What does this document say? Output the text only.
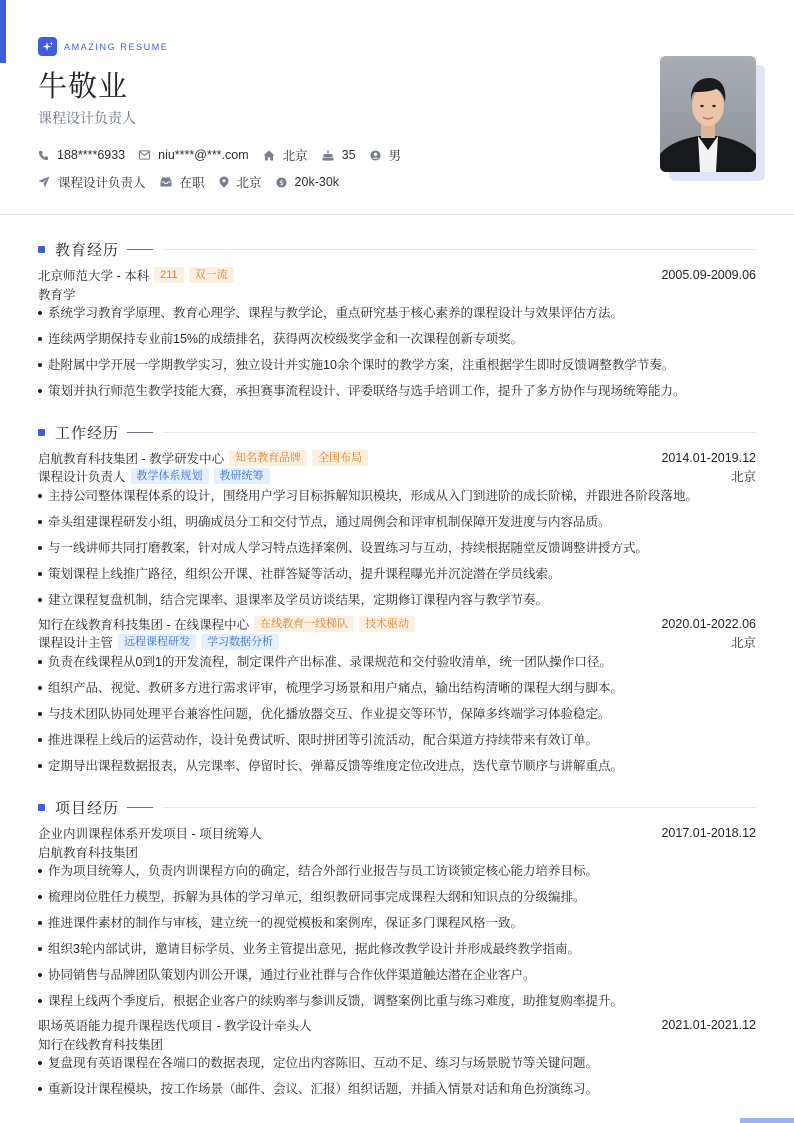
AMAZING RESUME
牛敬业
课程设计负责人
188****6933	niu****@***.com	北京	35	男
课程设计负责人	在职	北京 $ 20k-30k
教育经历
北京师范大学 - 本科	211	双一流	2005.09-2009.06
教育学
系统学习教育学原理、教育心理学、课程与教学论，重点研究基于核心素养的课程设计与效果评估方法。
连续两学期保持专业前15%的成绩排名，获得两次校级奖学金和一次课程创新专项奖。
赴附属中学开展一学期教学实习，独立设计并实施10余个课时的教学方案，注重根据学生即时反馈调整教学节奏。
策划并执行师范生教学技能大赛，承担赛事流程设计、评委联络与选手培训工作，提升了多方协作与现场统筹能力。
工作经历
启航教育科技集团 - 教学研发中心	知名教育品牌	全国布局	2014.01-2019.12
课程设计负责人	教学体系规划	教研统筹	北京
主持公司整体课程体系的设计，围绕用户学习目标拆解知识模块，形成从入门到进阶的成长阶梯，并跟进各阶段落地。
牵头组建课程研发小组，明确成员分工和交付节点，通过周例会和评审机制保障开发进度与内容品质。
与一线讲师共同打磨教案，针对成人学习特点选择案例、设置练习与互动，持续根据随堂反馈调整讲授方式。
策划课程上线推广路径，组织公开课、社群答疑等活动，提升课程曝光并沉淀潜在学员线索。
建立课程复盘机制，结合完课率、退课率及学员访谈结果，定期修订课程内容与教学节奏。
知行在线教育科技集团 - 在线课程中心	在线教育一线梯队	技术驱动	2020.01-2022.06
课程设计主管	远程课程研发	学习数据分析	北京
负责在线课程从0到1的开发流程，制定课件产出标准、录课规范和交付验收清单，统一团队操作口径。
组织产品、视觉、教研多方进行需求评审，梳理学习场景和用户痛点，输出结构清晰的课程大纲与脚本。
与技术团队协同处理平台兼容性问题，优化播放器交互、作业提交等环节，保障多终端学习体验稳定。
推进课程上线后的运营动作，设计免费试听、限时拼团等引流活动，配合渠道方持续带来有效订单。
定期导出课程数据报表，从完课率、停留时长、弹幕反馈等维度定位改进点，迭代章节顺序与讲解重点。
项目经历
企业内训课程体系开发项目 - 项目统筹人	2017.01-2018.12
启航教育科技集团
作为项目统筹人，负责内训课程方向的确定，结合外部行业报告与员工访谈锁定核心能力培养目标。
梳理岗位胜任力模型，拆解为具体的学习单元，组织教研同事完成课程大纲和知识点的分级编排。
推进课件素材的制作与审核，建立统一的视觉模板和案例库，保证多门课程风格一致。
组织3轮内部试讲，邀请目标学员、业务主管提出意见，据此修改教学设计并形成最终教学指南。
协同销售与品牌团队策划内训公开课，通过行业社群与合作伙伴渠道触达潜在企业客户。
课程上线两个季度后，根据企业客户的续购率与参训反馈，调整案例比重与练习难度，助推复购率提升。
职场英语能力提升课程迭代项目 - 教学设计牵头人	2021.01-2021.12
知行在线教育科技集团
复盘现有英语课程在各端口的数据表现，定位出内容陈旧、互动不足、练习与场景脱节等关键问题。
重新设计课程模块，按工作场景（邮件、会议、汇报）组织话题，并插入情景对话和角色扮演练习。
